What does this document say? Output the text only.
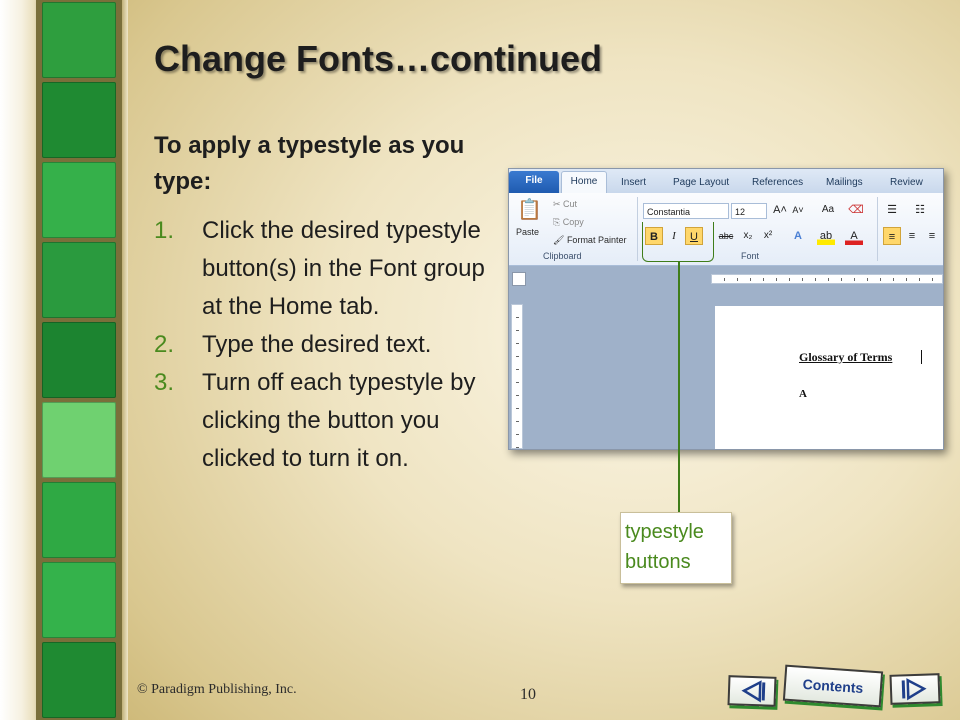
Change Fonts…continued

To apply a typestyle as you type:

1. Click the desired typestyle button(s) in the Font group at the Home tab.
2. Type the desired text.
3. Turn off each typestyle by clicking the button you clicked to turn it on.
File	Home	Insert	Page Layout References Mailings	Review
📋
Paste
✂ Cut
⎘ Copy
🖌 Format Painter
Clipboard
Constantia	12	A˄ A˅	Aa ⌫
B	I	U	abc	x₂	x²	A	ab	A
Font
☰	☷
≡	≡	≡
Glossary of Terms
A
typestyle buttons
© Paradigm Publishing, Inc.	10	Contents
